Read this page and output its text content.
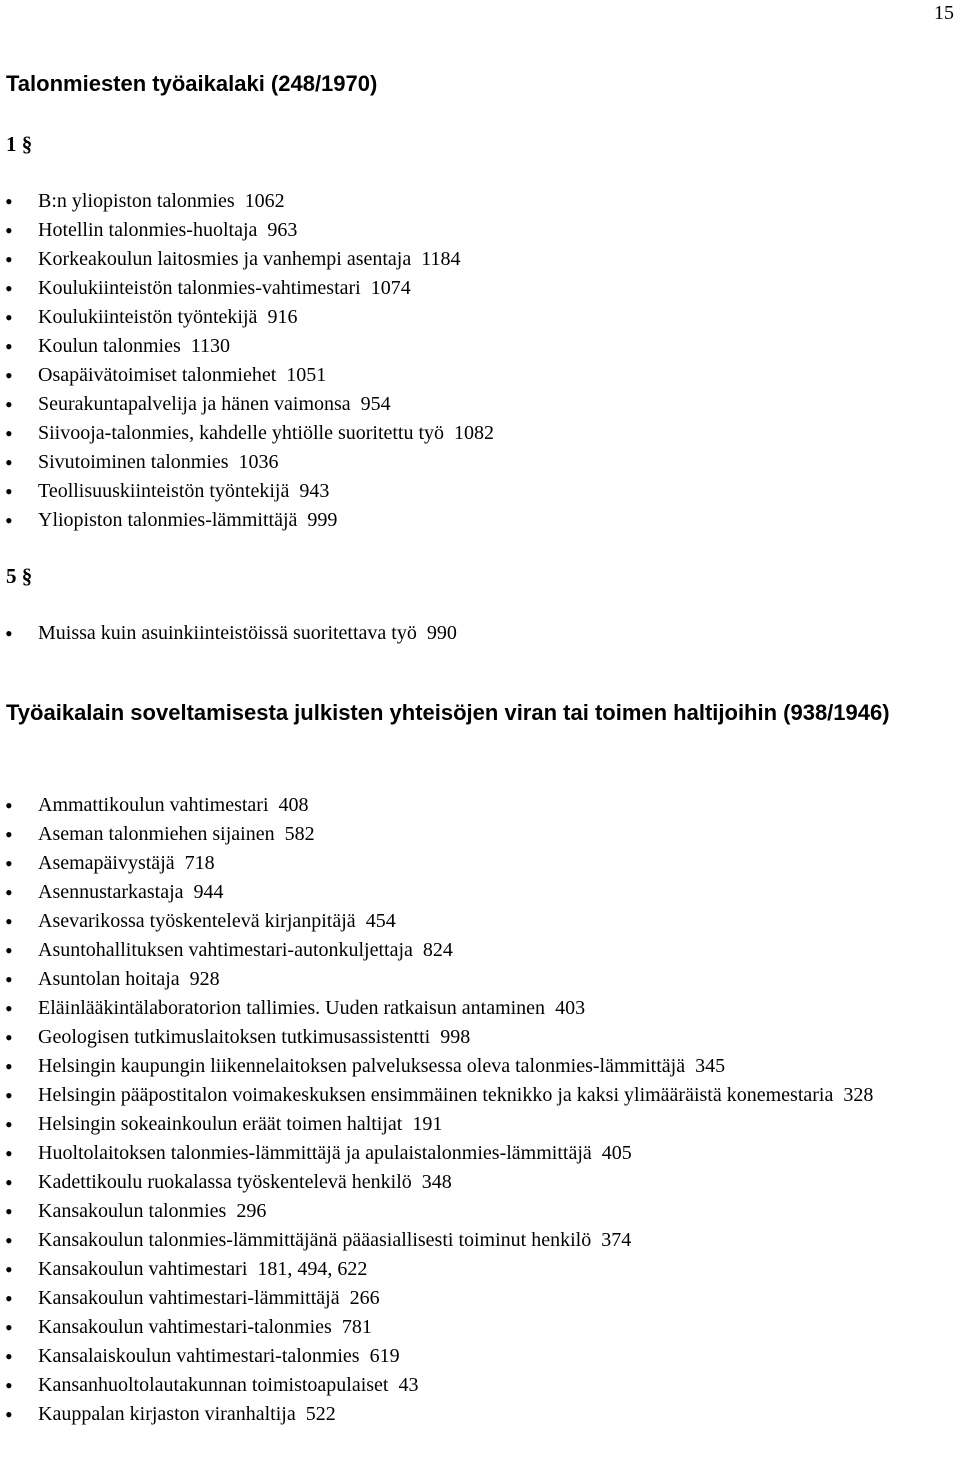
15
Talonmiesten työaikalaki (248/1970)
1 §
• B:n yliopiston talonmies 1062
• Hotellin talonmies-huoltaja 963
• Korkeakoulun laitosmies ja vanhempi asentaja 1184
• Koulukiinteistön talonmies-vahtimestari 1074
• Koulukiinteistön työntekijä 916
• Koulun talonmies 1130
• Osapäivätoimiset talonmiehet 1051
• Seurakuntapalvelija ja hänen vaimonsa 954
• Siivooja-talonmies, kahdelle yhtiölle suoritettu työ 1082
• Sivutoiminen talonmies 1036
• Teollisuuskiinteistön työntekijä 943
• Yliopiston talonmies-lämmittäjä 999
5 §
• Muissa kuin asuinkiinteistöissä suoritettava työ 990
Työaikalain soveltamisesta julkisten yhteisöjen viran tai toimen haltijoihin (938/1946)
• Ammattikoulun vahtimestari 408
• Aseman talonmiehen sijainen 582
• Asemapäivystäjä 718
• Asennustarkastaja 944
• Asevarikossa työskentelevä kirjanpitäjä 454
• Asuntohallituksen vahtimestari-autonkuljettaja 824
• Asuntolan hoitaja 928
• Eläinlääkintälaboratorion tallimies. Uuden ratkaisun antaminen 403
• Geologisen tutkimuslaitoksen tutkimusassistentti 998
• Helsingin kaupungin liikennelaitoksen palveluksessa oleva talonmies-lämmittäjä 345
• Helsingin pääpostitalon voimakeskuksen ensimmäinen teknikko ja kaksi ylimääräistä konemestaria 328
• Helsingin sokeainkoulun eräät toimen haltijat 191
• Huoltolaitoksen talonmies-lämmittäjä ja apulaistalonmies-lämmittäjä 405
• Kadettikoulu ruokalassa työskentelevä henkilö 348
• Kansakoulun talonmies 296
• Kansakoulun talonmies-lämmittäjänä pääasiallisesti toiminut henkilö 374
• Kansakoulun vahtimestari 181, 494, 622
• Kansakoulun vahtimestari-lämmittäjä 266
• Kansakoulun vahtimestari-talonmies 781
• Kansalaiskoulun vahtimestari-talonmies 619
• Kansanhuoltolautakunnan toimistoapulaiset 43
• Kauppalan kirjaston viranhaltija 522
